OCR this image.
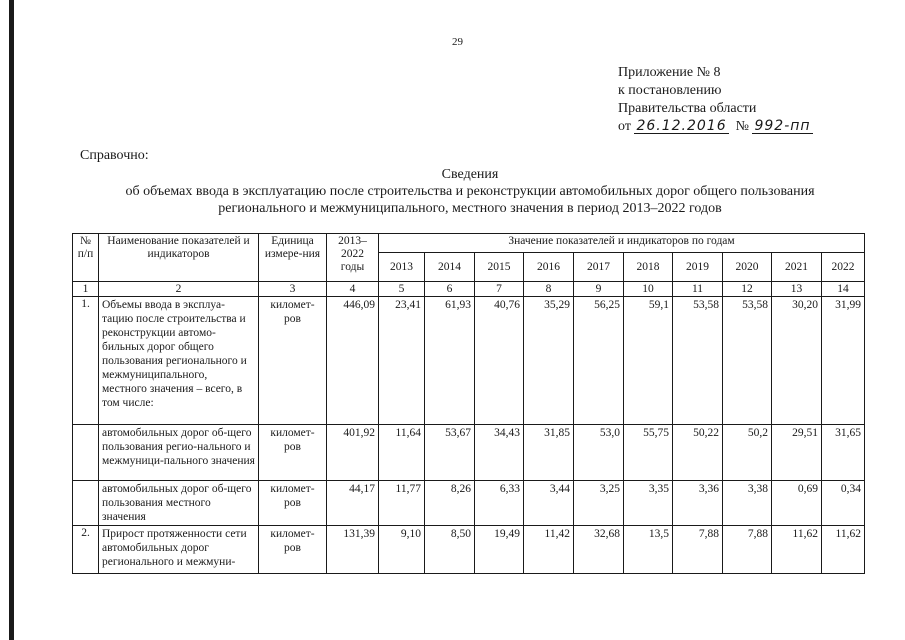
29
Приложение № 8
к постановлению
Правительства области
от
26.12.2016
№
992-пп
Справочно:
Сведения
об объемах ввода в эксплуатацию после строительства и реконструкции автомобильных дорог общего пользования
регионального и межмуниципального, местного значения в период 2013–2022 годов
№ п/п	Наименование показателей и индикаторов	Единица измере-ния	2013–2022 годы	Значение показателей и индикаторов по годам									
				2013	2014	2015	2016	2017	2018	2019	2020	2021	2022
1	2	3	4	5	6	7	8	9	10	11	12	13	14
1.	Объемы ввода в эксплуа-тацию после строительства и реконструкции автомо-бильных дорог общего пользования регионального и межмуниципального, местного значения – всего, в том числе:	километ-ров	446,09	23,41	61,93	40,76	35,29	56,25	59,1	53,58	53,58	30,20	31,99
	автомобильных дорог об-щего пользования регио-нального и межмуници-пального значения	километ-ров	401,92	11,64	53,67	34,43	31,85	53,0	55,75	50,22	50,2	29,51	31,65
	автомобильных дорог об-щего пользования местного значения	километ-ров	44,17	11,77	8,26	6,33	3,44	3,25	3,35	3,36	3,38	0,69	0,34
2.	Прирост протяженности сети автомобильных дорог регионального и межмуни-	километ-ров	131,39	9,10	8,50	19,49	11,42	32,68	13,5	7,88	7,88	11,62	11,62
